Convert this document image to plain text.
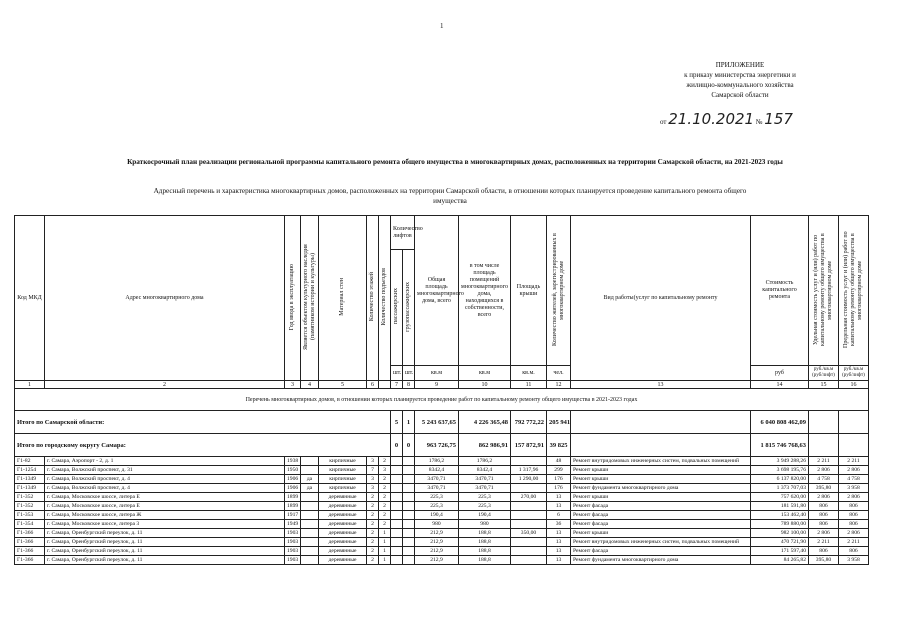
1
ПРИЛОЖЕНИЕ
к приказу министерства энергетики и
жилищно-коммунального хозяйства
Самарской области
от 21.10.2021 № 157
Краткосрочный план реализации региональной программы капитального ремонта общего имущества в многоквартирных домах, расположенных на территории Самарской области, на 2021-2023 годы
Адресный перечень и характеристика многоквартирных домов, расположенных на территории Самарской области, в отношении которых планируется проведение капитального ремонта общего имущества
Код МКД	Адрес многоквартирного дома	Год ввода в эксплуатацию	Является объектом культурного наследия (памятником истории и культуры)	Материал стен	Количество этажей	Количество подъездов	Количество лифтов		Общая площадь многоквартирного дома, всего	в том числе площадь помещений многоквартирного дома, находящихся в собственности, всего	Площадь крыши	Количество жителей, зарегистрированных в многоквартирном доме	Вид работы(услуг по капитальному ремонту	Стоимость капитального ремонта	Удельная стоимость услуг и (или) работ по капитальному ремонту общего имущества в многоквартирном доме	Предельная стоимость услуг и (или) работ по капитальному ремонту общего имущества в многоквартирном доме
							пассажирских	грузопассажирских								
							шт.	шт.	кв.м	кв.м	кв.м.	чел.		руб	руб./кв.м (руб/лифт)	руб./кв.м (руб/лифт)
1	2	3	4	5	6		7	8	9	10	11	12	13	14	15	16
Перечень многоквартирных домов, в отношении которых планируется проведение работ по капитальному ремонту общего имущества в 2021-2023 годах																
Итого по Самарской области:							5	1	5 243 637,65	4 226 365,48	792 772,22	205 941		6 040 808 462,09		
Итого по городскому округу Самара:							0	0	963 726,75	862 986,91	157 872,91	39 825		1 815 746 768,63		
Г1-82	г. Самара, Аэропорт - 2, д. 1	1938		кирпичные	3	2			1786,2	1786,2		48	Ремонт внутридомовых инженерных систем, подвальных помещений	3 949 288,26	2 211	2 211
Г1-1254	г. Самара, Волжский проспект, д. 31	1950		кирпичные	7	3			8342,4	8342,4	1 317,96	299	Ремонт крыши	3 698 195,76	2 806	2 806
Г1-1349	г. Самара, Волжский проспект, д. 4	1906	да	кирпичные	3	2			3470,71	3470,71	1 290,00	176	Ремонт крыши	6 137 820,00	4 758	4 758
Г1-1349	г. Самара, Волжский проспект, д. 4	1906	да	кирпичные	3	2			3470,71	3470,71		176	Ремонт фундамента многоквартирного дома	1 373 707,03	395,80	3 958
Г1-352	г. Самара, Московское шоссе, литера Е	1899		деревянные	2	2			225,3	225,3	270,00	13	Ремонт крыши	757 620,00	2 806	2 806
Г1-352	г. Самара, Московское шоссе, литера Е	1899		деревянные	2	2			225,3	225,3		13	Ремонт фасада	181 591,80	806	806
Г1-353	г. Самара, Московское шоссе, литера Ж	1917		деревянные	2	2			190,4	190,4		6	Ремонт фасада	153 462,40	806	806
Г1-354	г. Самара, Московское шоссе, литера 3	1949		деревянные	2	2			980	980		36	Ремонт фасада	789 880,00	806	806
Г1-366	г. Самара, Оренбургский переулок, д. 11	1903		деревянные	2	1			212,9	188,8	350,00	13	Ремонт крыши	982 100,00	2 806	2 806
Г1-366	г. Самара, Оренбургский переулок, д. 11	1903		деревянные	2	1			212,9	188,8		13	Ремонт внутридомовых инженерных систем, подвальных помещений	470 721,90	2 211	2 211
Г1-366	г. Самара, Оренбургский переулок, д. 11	1903		деревянные	2	1			212,9	188,8		13	Ремонт фасада	171 597,40	806	806
Г1-366	г. Самара, Оренбургский переулок, д. 11	1903		деревянные	2	1			212,9	188,8		13	Ремонт фундамента многоквартирного дома	84 265,82	395,80	3 958
